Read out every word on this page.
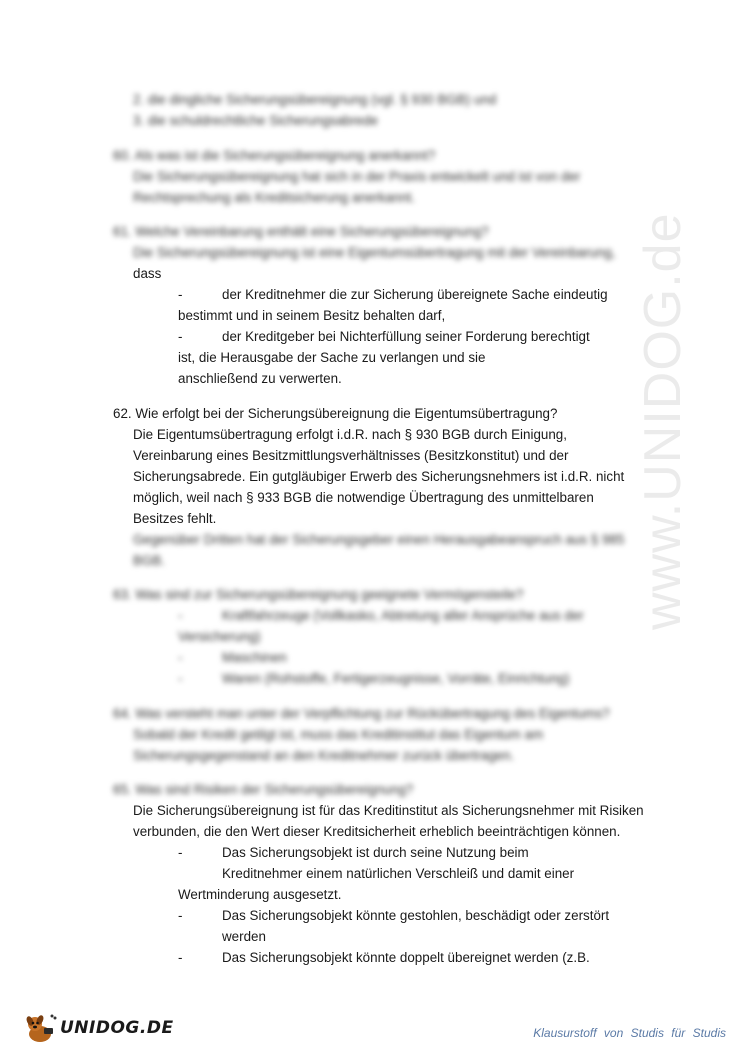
www.UNIDOG.de
2. die dingliche Sicherungsübereignung (vgl. § 930 BGB) und
3. die schuldrechtliche Sicherungsabrede
60. Als was ist die Sicherungsübereignung anerkannt?
Die Sicherungsübereignung hat sich in der Praxis entwickelt und ist von der
Rechtsprechung als Kreditsicherung anerkannt.
61. Welche Vereinbarung enthält eine Sicherungsübereignung?
Die Sicherungsübereignung ist eine Eigentumsübertragung mit der Vereinbarung,
dass
-	der Kreditnehmer die zur Sicherung übereignete Sache eindeutig
bestimmt und in seinem Besitz behalten darf,
-	der Kreditgeber bei Nichterfüllung seiner Forderung berechtigt
ist, die Herausgabe der Sache zu verlangen und sie
anschließend zu verwerten.
62. Wie erfolgt bei der Sicherungsübereignung die Eigentumsübertragung?
Die Eigentumsübertragung erfolgt i.d.R. nach § 930 BGB durch Einigung,
Vereinbarung eines Besitzmittlungsverhältnisses (Besitzkonstitut) und der
Sicherungsabrede. Ein gutgläubiger Erwerb des Sicherungsnehmers ist i.d.R. nicht
möglich, weil nach § 933 BGB die notwendige Übertragung des unmittelbaren
Besitzes fehlt.
Gegenüber Dritten hat der Sicherungsgeber einen Herausgabeanspruch aus § 985
BGB.
63. Was sind zur Sicherungsübereignung geeignete Vermögensteile?
-	Kraftfahrzeuge (Vollkasko, Abtretung aller Ansprüche aus der
Versicherung)
-	Maschinen
-	Waren (Rohstoffe, Fertigerzeugnisse, Vorräte, Einrichtung)
64. Was versteht man unter der Verpflichtung zur Rückübertragung des Eigentums?
Sobald der Kredit getilgt ist, muss das Kreditinstitut das Eigentum am
Sicherungsgegenstand an den Kreditnehmer zurück übertragen.
65. Was sind Risiken der Sicherungsübereignung?
Die Sicherungsübereignung ist für das Kreditinstitut als Sicherungsnehmer mit Risiken
verbunden, die den Wert dieser Kreditsicherheit erheblich beeinträchtigen können.
-	Das Sicherungsobjekt ist durch seine Nutzung beim
Kreditnehmer einem natürlichen Verschleiß und damit einer
Wertminderung ausgesetzt.
-	Das Sicherungsobjekt könnte gestohlen, beschädigt oder zerstört
werden
-	Das Sicherungsobjekt könnte doppelt übereignet werden (z.B.
UNIDOG.DE	Klausurstoff von Studis für Studis
